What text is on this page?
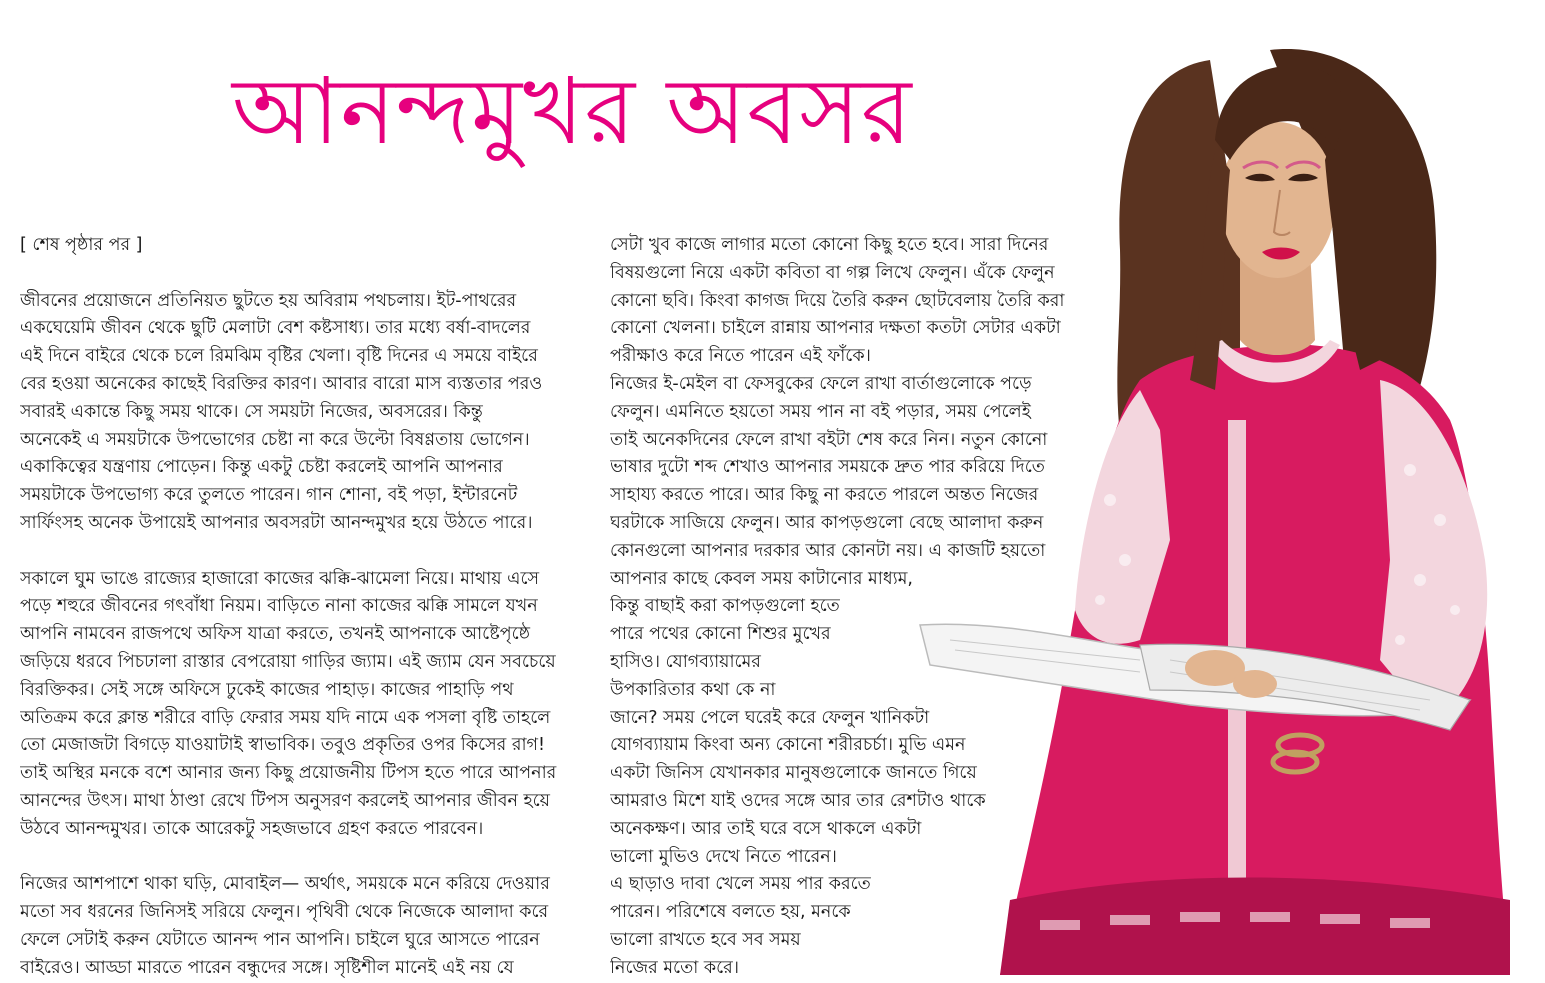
আনন্দমুখর অবসর
[ শেষ পৃষ্ঠার পর ]
জীবনের প্রয়োজনে প্রতিনিয়ত ছুটতে হয় অবিরাম পথচলায়। ইট-পাথরের
একঘেয়েমি জীবন থেকে ছুটি মেলাটা বেশ কষ্টসাধ্য। তার মধ্যে বর্ষা-বাদলের
এই দিনে বাইরে থেকে চলে রিমঝিম বৃষ্টির খেলা। বৃষ্টি দিনের এ সময়ে বাইরে
বের হওয়া অনেকের কাছেই বিরক্তির কারণ। আবার বারো মাস ব্যস্ততার পরও
সবারই একান্তে কিছু সময় থাকে। সে সময়টা নিজের, অবসরের। কিন্তু
অনেকেই এ সময়টাকে উপভোগের চেষ্টা না করে উল্টো বিষণ্ণতায় ভোগেন।
একাকিত্বের যন্ত্রণায় পোড়েন। কিন্তু একটু চেষ্টা করলেই আপনি আপনার
সময়টাকে উপভোগ্য করে তুলতে পারেন। গান শোনা, বই পড়া, ইন্টারনেট
সার্ফিংসহ অনেক উপায়েই আপনার অবসরটা আনন্দমুখর হয়ে উঠতে পারে।
সকালে ঘুম ভাঙে রাজ্যের হাজারো কাজের ঝক্কি-ঝামেলা নিয়ে। মাথায় এসে
পড়ে শহুরে জীবনের গৎবাঁধা নিয়ম। বাড়িতে নানা কাজের ঝক্কি সামলে যখন
আপনি নামবেন রাজপথে অফিস যাত্রা করতে, তখনই আপনাকে আষ্টেপৃষ্ঠে
জড়িয়ে ধরবে পিচঢালা রাস্তার বেপরোয়া গাড়ির জ্যাম। এই জ্যাম যেন সবচেয়ে
বিরক্তিকর। সেই সঙ্গে অফিসে ঢুকেই কাজের পাহাড়। কাজের পাহাড়ি পথ
অতিক্রম করে ক্লান্ত শরীরে বাড়ি ফেরার সময় যদি নামে এক পসলা বৃষ্টি তাহলে
তো মেজাজটা বিগড়ে যাওয়াটাই স্বাভাবিক। তবুও প্রকৃতির ওপর কিসের রাগ!
তাই অস্থির মনকে বশে আনার জন্য কিছু প্রয়োজনীয় টিপস হতে পারে আপনার
আনন্দের উৎস। মাথা ঠাণ্ডা রেখে টিপস অনুসরণ করলেই আপনার জীবন হয়ে
উঠবে আনন্দমুখর। তাকে আরেকটু সহজভাবে গ্রহণ করতে পারবেন।
নিজের আশপাশে থাকা ঘড়ি, মোবাইল— অর্থাৎ, সময়কে মনে করিয়ে দেওয়ার
মতো সব ধরনের জিনিসই সরিয়ে ফেলুন। পৃথিবী থেকে নিজেকে আলাদা করে
ফেলে সেটাই করুন যেটাতে আনন্দ পান আপনি। চাইলে ঘুরে আসতে পারেন
বাইরেও। আড্ডা মারতে পারেন বন্ধুদের সঙ্গে। সৃষ্টিশীল মানেই এই নয় যে
সেটা খুব কাজে লাগার মতো কোনো কিছু হতে হবে। সারা দিনের
বিষয়গুলো নিয়ে একটা কবিতা বা গল্প লিখে ফেলুন। এঁকে ফেলুন
কোনো ছবি। কিংবা কাগজ দিয়ে তৈরি করুন ছোটবেলায় তৈরি করা
কোনো খেলনা। চাইলে রান্নায় আপনার দক্ষতা কতটা সেটার একটা
পরীক্ষাও করে নিতে পারেন এই ফাঁকে।
নিজের ই-মেইল বা ফেসবুকের ফেলে রাখা বার্তাগুলোকে পড়ে
ফেলুন। এমনিতে হয়তো সময় পান না বই পড়ার, সময় পেলেই
তাই অনেকদিনের ফেলে রাখা বইটা শেষ করে নিন। নতুন কোনো
ভাষার দুটো শব্দ শেখাও আপনার সময়কে দ্রুত পার করিয়ে দিতে
সাহায্য করতে পারে। আর কিছু না করতে পারলে অন্তত নিজের
ঘরটাকে সাজিয়ে ফেলুন। আর কাপড়গুলো বেছে আলাদা করুন
কোনগুলো আপনার দরকার আর কোনটা নয়। এ কাজটি হয়তো
আপনার কাছে কেবল সময় কাটানোর মাধ্যম,
কিন্তু বাছাই করা কাপড়গুলো হতে
পারে পথের কোনো শিশুর মুখের
হাসিও। যোগব্যায়ামের
উপকারিতার কথা কে না
জানে? সময় পেলে ঘরেই করে ফেলুন খানিকটা
যোগব্যায়াম কিংবা অন্য কোনো শরীরচর্চা। মুভি এমন
একটা জিনিস যেখানকার মানুষগুলোকে জানতে গিয়ে
আমরাও মিশে যাই ওদের সঙ্গে আর তার রেশটাও থাকে
অনেকক্ষণ। আর তাই ঘরে বসে থাকলে একটা
ভালো মুভিও দেখে নিতে পারেন।
এ ছাড়াও দাবা খেলে সময় পার করতে
পারেন। পরিশেষে বলতে হয়, মনকে
ভালো রাখতে হবে সব সময়
নিজের মতো করে।
